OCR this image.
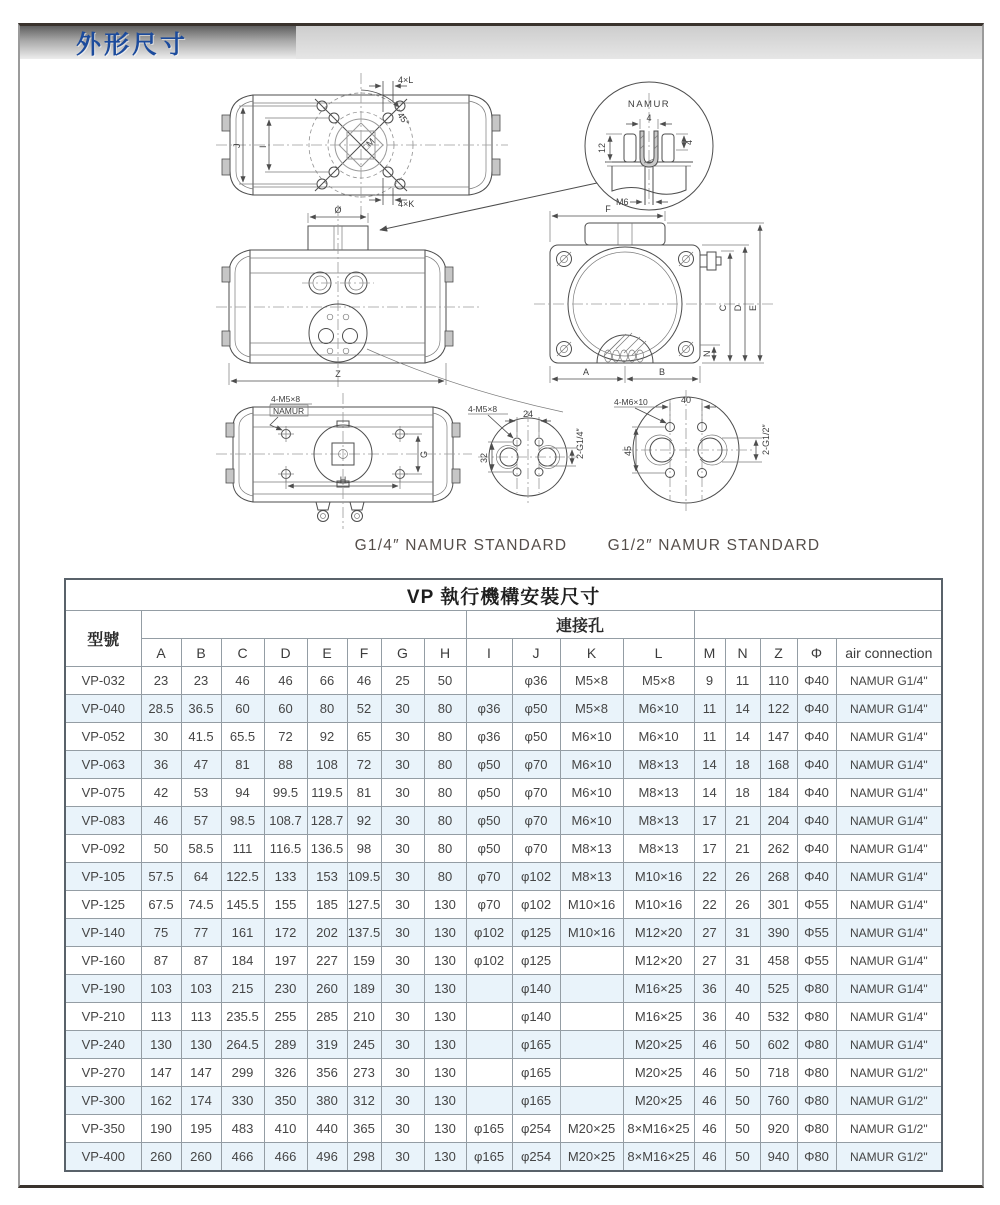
外形尺寸
4×L
4×K
45°
□M
J I
NAMUR
4
4
12
M6
Ø
Z
F
C D E
N
A	B
4-M5×8
NAMUR
G
H
24
32
4-M5×8
2-G1/4″
40
45
4-M6×10
2-G1/2″
G1/4″ NAMUR STANDARD	G1/2″ NAMUR STANDARD
VP 執行機構安裝尺寸																	
型號									連接孔								
	A	B	C	D	E	F	G	H	I	J	K	L	M	N	Z	Φ	air connection
VP-032	23	23	46	46	66	46	25	50		φ36	M5×8	M5×8	9	11	110	Φ40	NAMUR G1/4"
VP-040	28.5	36.5	60	60	80	52	30	80	φ36	φ50	M5×8	M6×10	11	14	122	Φ40	NAMUR G1/4"
VP-052	30	41.5	65.5	72	92	65	30	80	φ36	φ50	M6×10	M6×10	11	14	147	Φ40	NAMUR G1/4"
VP-063	36	47	81	88	108	72	30	80	φ50	φ70	M6×10	M8×13	14	18	168	Φ40	NAMUR G1/4"
VP-075	42	53	94	99.5	119.5	81	30	80	φ50	φ70	M6×10	M8×13	14	18	184	Φ40	NAMUR G1/4"
VP-083	46	57	98.5	108.7	128.7	92	30	80	φ50	φ70	M6×10	M8×13	17	21	204	Φ40	NAMUR G1/4"
VP-092	50	58.5	111	116.5	136.5	98	30	80	φ50	φ70	M8×13	M8×13	17	21	262	Φ40	NAMUR G1/4"
VP-105	57.5	64	122.5	133	153	109.5	30	80	φ70	φ102	M8×13	M10×16	22	26	268	Φ40	NAMUR G1/4"
VP-125	67.5	74.5	145.5	155	185	127.5	30	130	φ70	φ102	M10×16	M10×16	22	26	301	Φ55	NAMUR G1/4"
VP-140	75	77	161	172	202	137.5	30	130	φ102	φ125	M10×16	M12×20	27	31	390	Φ55	NAMUR G1/4"
VP-160	87	87	184	197	227	159	30	130	φ102	φ125		M12×20	27	31	458	Φ55	NAMUR G1/4"
VP-190	103	103	215	230	260	189	30	130		φ140		M16×25	36	40	525	Φ80	NAMUR G1/4"
VP-210	113	113	235.5	255	285	210	30	130		φ140		M16×25	36	40	532	Φ80	NAMUR G1/4"
VP-240	130	130	264.5	289	319	245	30	130		φ165		M20×25	46	50	602	Φ80	NAMUR G1/4"
VP-270	147	147	299	326	356	273	30	130		φ165		M20×25	46	50	718	Φ80	NAMUR G1/2"
VP-300	162	174	330	350	380	312	30	130		φ165		M20×25	46	50	760	Φ80	NAMUR G1/2"
VP-350	190	195	483	410	440	365	30	130	φ165	φ254	M20×25	8×M16×25	46	50	920	Φ80	NAMUR G1/2"
VP-400	260	260	466	466	496	298	30	130	φ165	φ254	M20×25	8×M16×25	46	50	940	Φ80	NAMUR G1/2"
